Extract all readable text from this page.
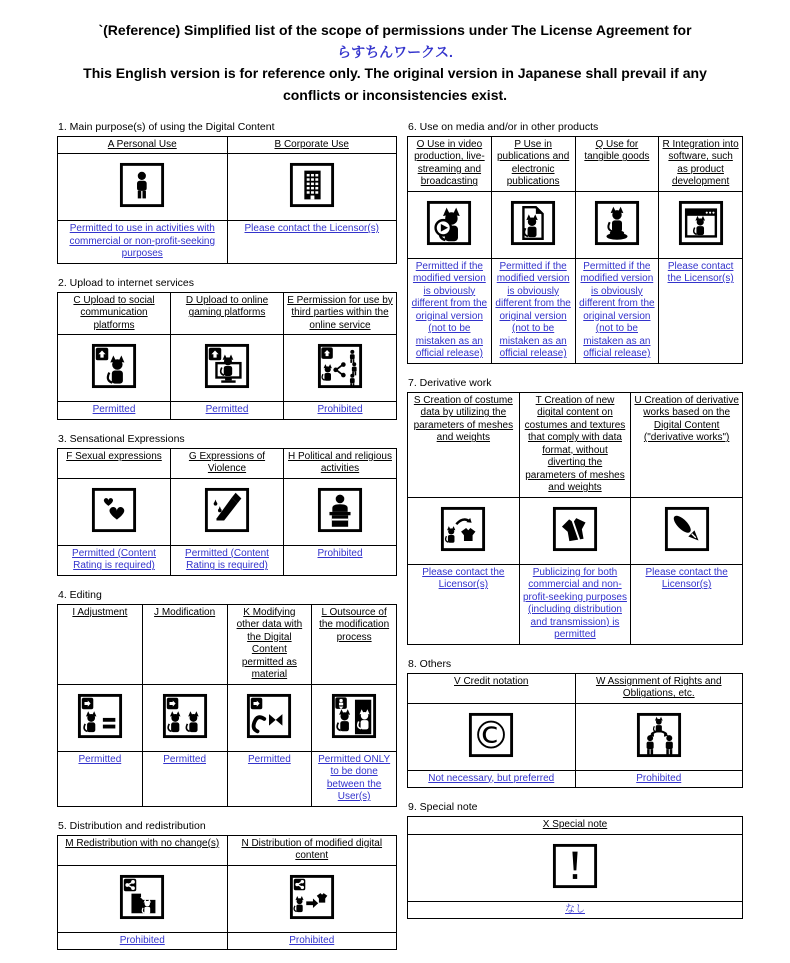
`(Reference) Simplified list of the scope of permissions under The License Agreement for
らすちんワークス.
This English version is for reference only. The original version in Japanese shall prevail if any conflicts or inconsistencies exist.
1. Main purpose(s) of using the Digital Content
A Personal Use	B Corporate Use

Permitted to use in activities with commercial or non-profit-seeking purposes	Please contact the Licensor(s)
2. Upload to internet services
C Upload to social communication platforms	D Upload to online gaming platforms	E Permission for use by third parties within the online service

Permitted	Permitted	Prohibited
3. Sensational Expressions
F Sexual expressions	G Expressions of Violence	H Political and religious activities

Permitted (Content Rating is required)	Permitted (Content Rating is required)	Prohibited
4. Editing
I Adjustment	J Modification	K Modifying other data with the Digital Content permitted as material	L Outsource of the modification process

Permitted	Permitted	Permitted	Permitted ONLY to be done between the User(s)
5. Distribution and redistribution
M Redistribution with no change(s)	N Distribution of modified digital content

Prohibited	Prohibited
6. Use on media and/or in other products
O Use in video production, live-streaming and broadcasting	P Use in publications and electronic publications	Q Use for tangible goods	R Integration into software, such as product development

Permitted if the modified version is obviously different from the original version (not to be mistaken as an official release)	Permitted if the modified version is obviously different from the original version (not to be mistaken as an official release)	Permitted if the modified version is obviously different from the original version (not to be mistaken as an official release)	Please contact the Licensor(s)
7. Derivative work
S Creation of costume data by utilizing the parameters of meshes and weights	T Creation of new digital content on costumes and textures that comply with data format, without diverting the parameters of meshes and weights	U Creation of derivative works based on the Digital Content ("derivative works")

Please contact the Licensor(s)	Publicizing for both commercial and non-profit-seeking purposes (including distribution and transmission) is permitted	Please contact the Licensor(s)
8. Others
V Credit notation	W Assignment of Rights and Obligations, etc.

©

Not necessary, but preferred	Prohibited
9. Special note
X Special note

なし
